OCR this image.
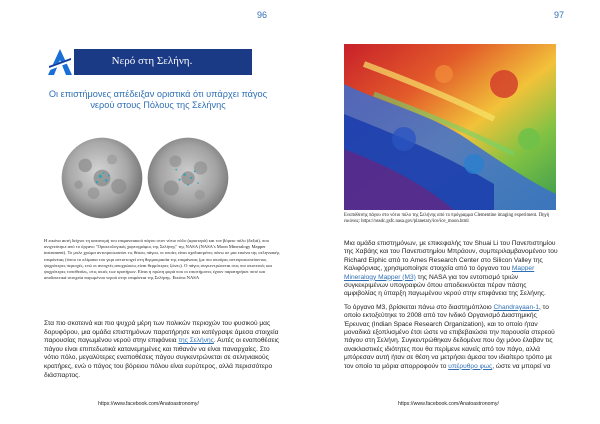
96
Νερό στη Σελήνη.
Οι επιστήμονες απέδειξαν οριστικά ότι υπάρχει πάγος νερού στους Πόλους της Σελήνης
Η εικόνα αυτή δείχνει τη κατανομή του επιφανειακού πάγου στον νότιο πόλο (αριστερά) και τον βόρειο πόλο (δεξιά), που ανιχνεύτηκε από το όργανο "Ορυκτολογικός χαρτογράφος της Σελήνης" της NASA (NASA's Moon Mineralogy Mapper instrument). Το μπλε χρώμα αντιπροσωπεύει τις θέσεις πάγου, οι οποίες είναι σχεδιασμένες πάνω σε μια εικόνα της σεληνιακής επιφάνειας (όπου το κλίμακα του γκρι αντιστοιχεί στη θερμοκρασία της επιφάνειας (με πιο σκούρες αντιπροσωπεύοντας ψυχρότερες περιοχές, ενώ οι ανοιχτές αποχρώσεις είναι θερμότερες ζώνες). Ο πάγος συγκεντρώνεται στις πιο σκοτεινές και ψυχρότερες τοποθεσίες, στις σκιές των κρατήρων. Είναι η πρώτη φορά που οι επιστήμονες έχουν παρατηρήσει ποτέ και αποδεικτικά στοιχεία παγωμένου νερού στην επιφάνεια της Σελήνης. Εικόνα NASA
Στα πιο σκοτεινά και πιο ψυχρά μέρη των πολικών περιοχών του φυσικού μας δορυφόρου, μια ομάδα επιστημόνων παρατήρησε και κατέγραψε άμεσα στοιχεία παρουσίας παγωμένου νερού στην επιφάνεια της Σελήνης. Αυτές οι εναποθέσεις πάγου είναι επιπεδωτικά κατανεμημένες και πιθανόν να είναι παναρχαίες. Στο νότιο πόλο, μεγαλύτερες εναποθέσεις πάγου συγκεντρώνεται σε σεληνιακούς κρατήρες, ενώ ο πάγος του βόρειου πόλου είναι ευρύτερος, αλλά περισσότερο διάσπαρτος.
https://www.facebook.com/Anatoastronomy/
97
Εναπόθεσης πάγου στο νότιο πόλο της Σελήνης από το πρόγραμμα Clementine imaging experiment. Πηγή εικόνας: https://nssdc.gsfc.nasa.gov/planetary/ice/ice_moon.html

Μια ομάδα επιστημόνων, με επικεφαλής τον Shuai Li του Πανεπιστημίου της Χαβάης και του Πανεπιστημίου Μπράουν, συμπεριλαμβανομένου του Richard Elphic από το Ames Research Center στο Silicon Valley της Καλιφόρνιας, χρησιμοποίησε στοιχεία από το όργανο του Mapper Mineralogy Mapper (M3) της NASA για τον εντοπισμό τριών συγκεκριμένων υπογραφών όπου αποδεικνύεται πέραν πάσης αμφιβολίας η ύπαρξη παγωμένου νερού στην επιφάνεια της Σελήνης.

Το όργανο M3, βρίσκεται πάνω στο διαστημόπλοιο Chandrayaan-1, το οποίο εκτοξεύτηκε το 2008 από τον Ινδικό Οργανισμό Διαστημικής Έρευνας (Indian Space Research Organization), και το οποίο ήταν μοναδικά εξοπλισμένο έτσι ώστε να επιβεβαιώσει την παρουσία στερεού πάγου στη Σελήνη. Συγκεντρώθηκαν δεδομένα που όχι μόνο έλαβαν τις ανακλαστικές ιδιότητες που θα περίμενε κανείς από τον πάγο, αλλά μπόρεσαν αυτή ήταν σε θέση να μετρήσει άμεσα τον ιδιαίτερο τρόπο με τον οποίο τα μόρια απορροφούν το υπέρυθρο φως, ώστε να μπορεί να

https://www.facebook.com/Anatoastronomy/
